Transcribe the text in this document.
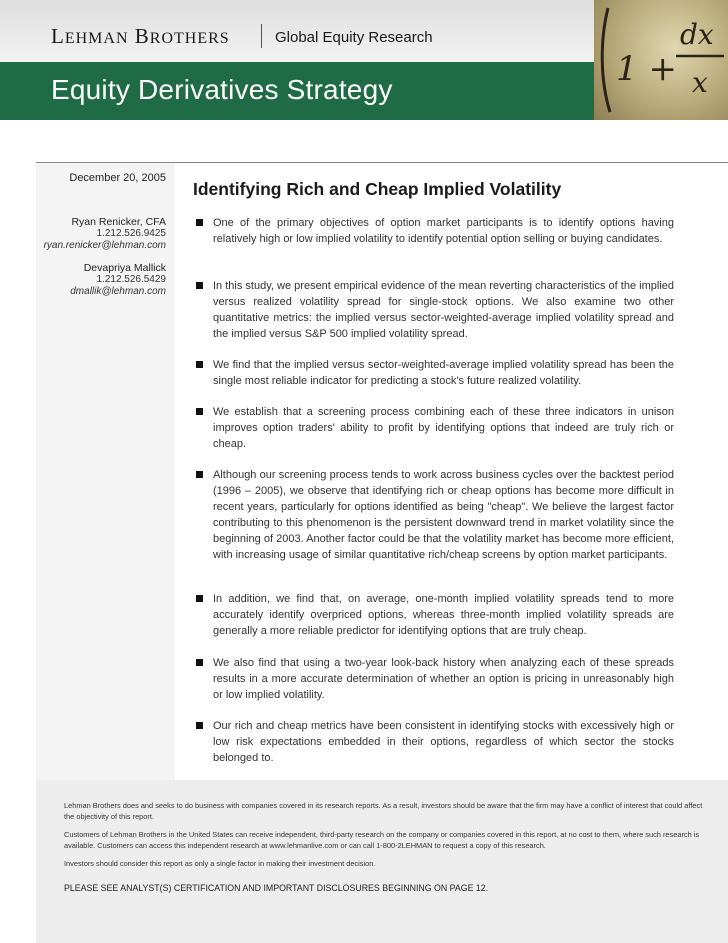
LEHMAN BROTHERS	Global Equity Research
Equity Derivatives Strategy
1 +
dx
x
December 20, 2005
Ryan Renicker, CFA
1.212.526.9425
ryan.renicker@lehman.com
Devapriya Mallick
1.212.526.5429
dmallik@lehman.com
Identifying Rich and Cheap Implied Volatility
One of the primary objectives of option market participants is to identify options having relatively high or low implied volatility to identify potential option selling or buying candidates.
In this study, we present empirical evidence of the mean reverting characteristics of the implied versus realized volatility spread for single-stock options. We also examine two other quantitative metrics: the implied versus sector-weighted-average implied volatility spread and the implied versus S&P 500 implied volatility spread.
We find that the implied versus sector-weighted-average implied volatility spread has been the single most reliable indicator for predicting a stock's future realized volatility.
We establish that a screening process combining each of these three indicators in unison improves option traders' ability to profit by identifying options that indeed are truly rich or cheap.
Although our screening process tends to work across business cycles over the backtest period (1996 – 2005), we observe that identifying rich or cheap options has become more difficult in recent years, particularly for options identified as being "cheap". We believe the largest factor contributing to this phenomenon is the persistent downward trend in market volatility since the beginning of 2003. Another factor could be that the volatility market has become more efficient, with increasing usage of similar quantitative rich/cheap screens by option market participants.
In addition, we find that, on average, one-month implied volatility spreads tend to more accurately identify overpriced options, whereas three-month implied volatility spreads are generally a more reliable predictor for identifying options that are truly cheap.
We also find that using a two-year look-back history when analyzing each of these spreads results in a more accurate determination of whether an option is pricing in unreasonably high or low implied volatility.
Our rich and cheap metrics have been consistent in identifying stocks with excessively high or low risk expectations embedded in their options, regardless of which sector the stocks belonged to.
Lehman Brothers does and seeks to do business with companies covered in its research reports. As a result, investors should be aware that the firm may have a conflict of interest that could affect the objectivity of this report.
Customers of Lehman Brothers in the United States can receive independent, third-party research on the company or companies covered in this report, at no cost to them, where such research is available. Customers can access this independent research at www.lehmanlive.com or can call 1-800-2LEHMAN to request a copy of this research.
Investors should consider this report as only a single factor in making their investment decision.
PLEASE SEE ANALYST(S) CERTIFICATION AND IMPORTANT DISCLOSURES BEGINNING ON PAGE 12.
